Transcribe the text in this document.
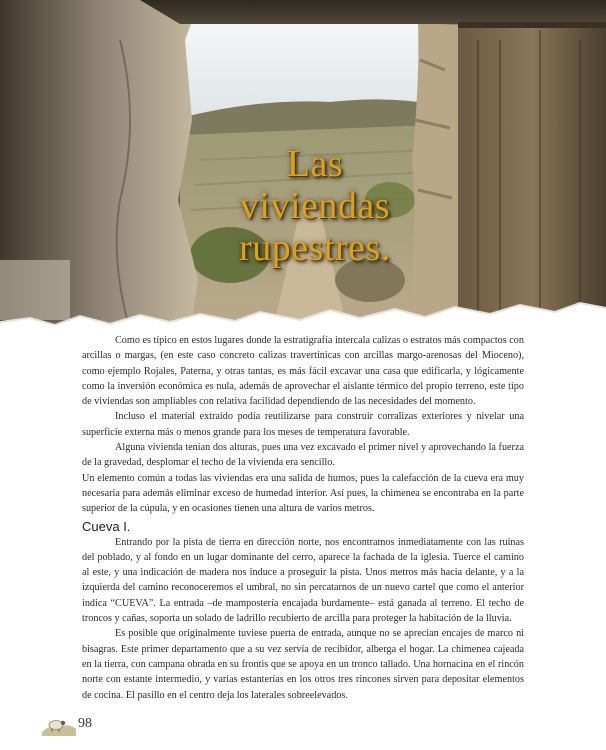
Las
viviendas
rupestres.

Como es típico en estos lugares donde la estratigrafía intercala calizas o estratos más compactos con arcillas o margas, (en este caso concreto calizas travertínicas con arcillas margo-arenosas del Mioceno), como ejemplo Rojales, Paterna, y otras tantas, es más fácil excavar una casa que edificarla, y lógicamente como la inversión económica es nula, además de aprovechar el aislante térmico del propio terreno, este tipo de viviendas son ampliables con relativa facilidad dependiendo de las necesidades del momento.

Incluso el material extraído podía reutilizarse para construir corralizas exteriores y nivelar una superficie externa más o menos grande para los meses de temperatura favorable.

Alguna vivienda tenían dos alturas, pues una vez excavado el primer nivel y aprovechando la fuerza de la gravedad, desplomar el techo de la vivienda era sencillo.

Un elemento común a todas las viviendas era una salida de humos, pues la calefacción de la cueva era muy necesaria para además eliminar exceso de humedad interior. Así pues, la chimenea se encontraba en la parte superior de la cúpula, y en ocasiones tienen una altura de varios metros.

Cueva I.

Entrando por la pista de tierra en dirección norte, nos encontramos inmediatamente con las ruinas del poblado, y al fondo en un lugar dominante del cerro, aparece la fachada de la iglesia. Tuerce el camino al este, y una indicación de madera nos induce a proseguir la pista. Unos metros más hacia delante, y a la izquierda del camino reconoceremos el umbral, no sin percatarnos de un nuevo cartel que como el anterior indica “CUEVA”. La entrada –de mampostería encajada burdamente– está ganada al terreno. El techo de troncos y cañas, soporta un solado de ladrillo recubierto de arcilla para proteger la habitación de la lluvia.

Es posible que originalmente tuviese puerta de entrada, aunque no se aprecian encajes de marco ni bisagras. Este primer departamento que a su vez servía de recibidor, alberga el hogar. La chimenea cajeada en la tierra, con campana obrada en su frontis que se apoya en un tronco tallado. Una hornacina en el rincón norte con estante intermedio, y varias estanterías en los otros tres rincones sirven para depositar elementos de cocina. El pasillo en el centro deja los laterales sobreelevados.

98
